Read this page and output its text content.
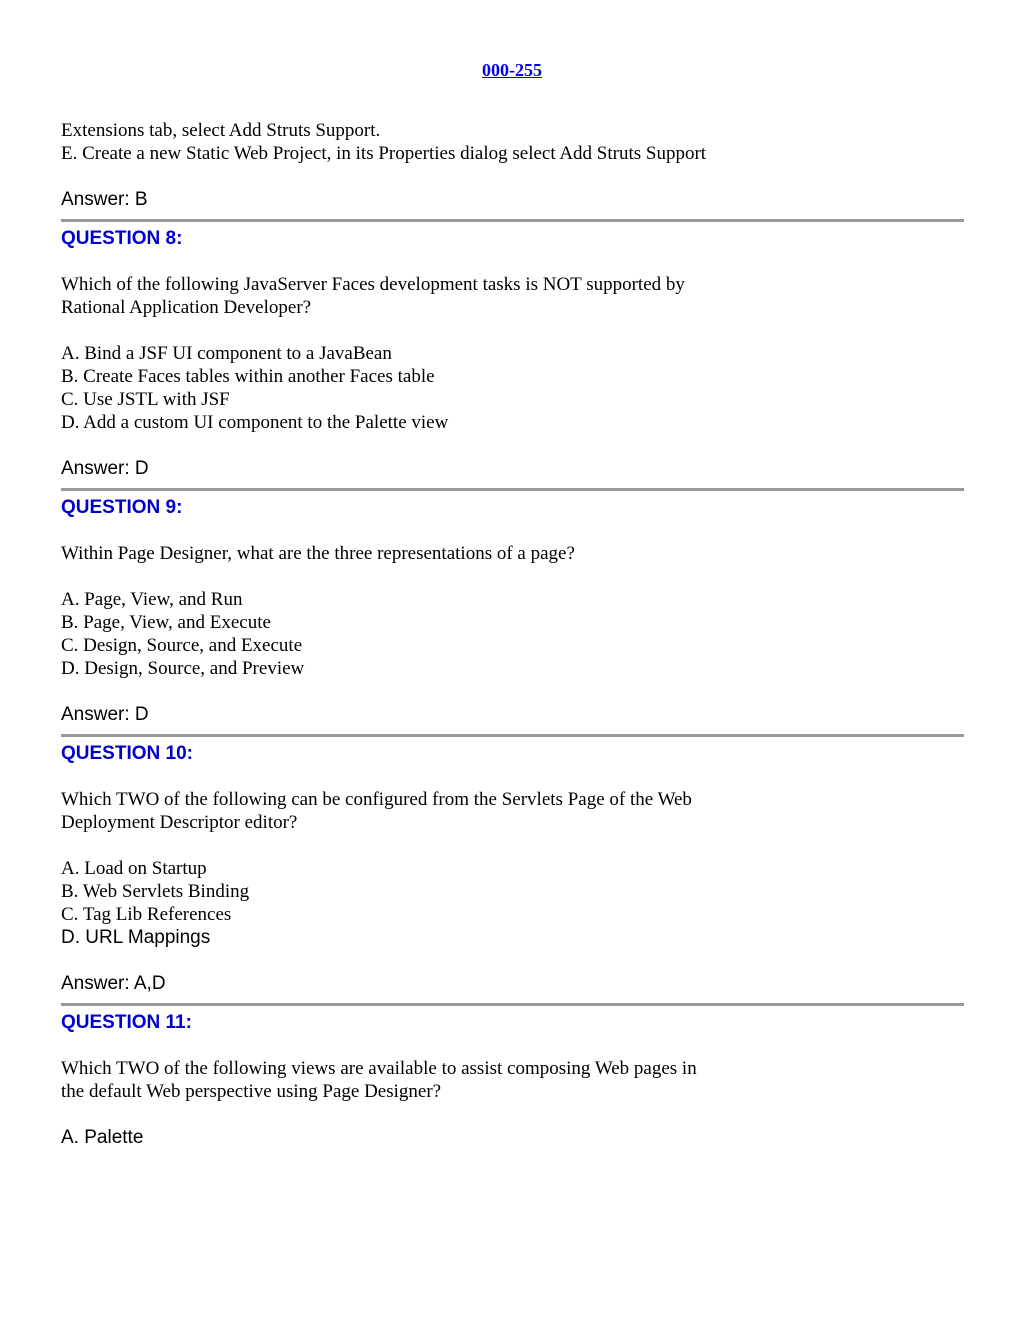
000-255

Extensions tab, select Add Struts Support.

E. Create a new Static Web Project, in its Properties dialog select Add Struts Support

Answer: B

QUESTION 8:

Which of the following JavaServer Faces development tasks is NOT supported by

Rational Application Developer?

A. Bind a JSF UI component to a JavaBean

B. Create Faces tables within another Faces table

C. Use JSTL with JSF

D. Add a custom UI component to the Palette view

Answer: D

QUESTION 9:

Within Page Designer, what are the three representations of a page?

A. Page, View, and Run

B. Page, View, and Execute

C. Design, Source, and Execute

D. Design, Source, and Preview

Answer: D

QUESTION 10:

Which TWO of the following can be configured from the Servlets Page of the Web

Deployment Descriptor editor?

A. Load on Startup

B. Web Servlets Binding

C. Tag Lib References

D. URL Mappings

Answer: A,D

QUESTION 11:

Which TWO of the following views are available to assist composing Web pages in

the default Web perspective using Page Designer?

A. Palette
